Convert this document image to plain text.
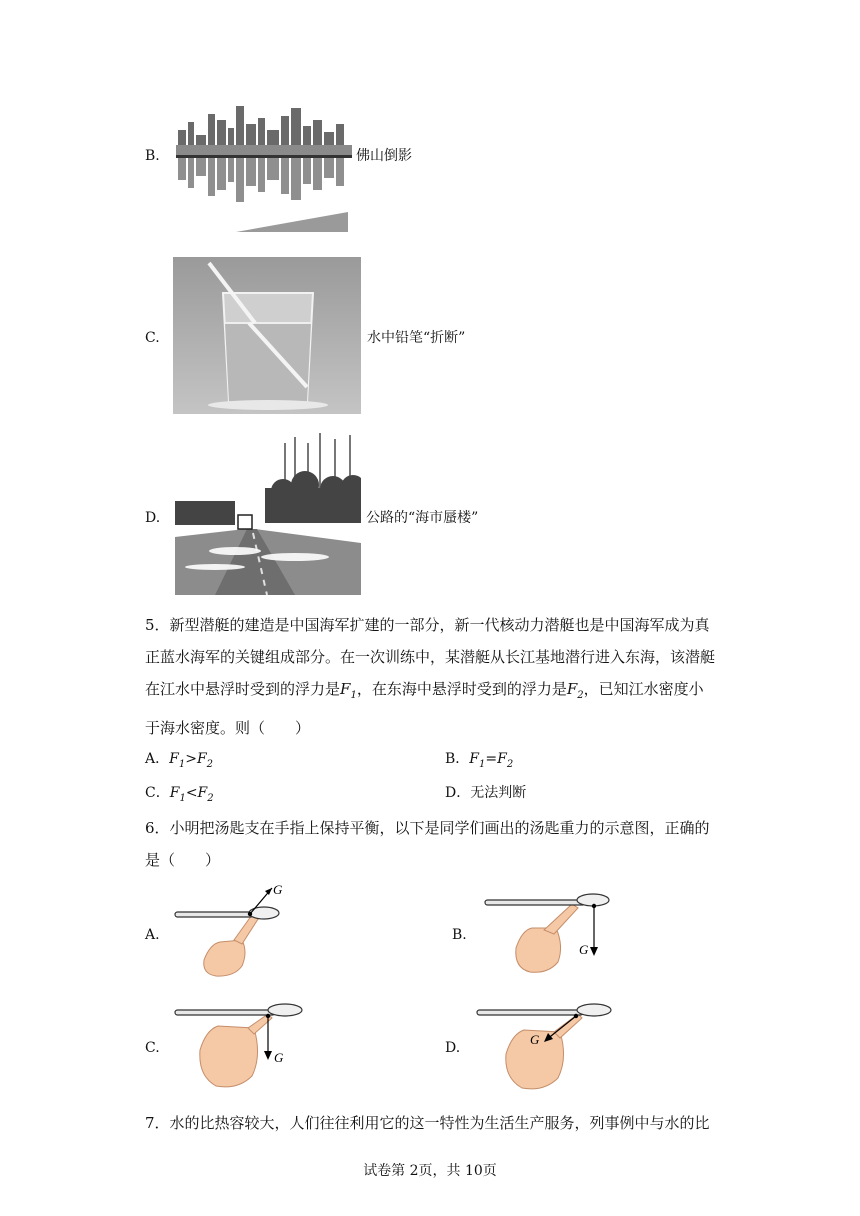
B.	佛山倒影
C.	水中铅笔“折断”
D.	公路的“海市蜃楼”
5．新型潜艇的建造是中国海军扩建的一部分，新一代核动力潜艇也是中国海军成为真
正蓝水海军的关键组成部分。在一次训练中，某潜艇从长江基地潜行进入东海，该潜艇
在江水中悬浮时受到的浮力是$F_1$，在东海中悬浮时受到的浮力是$F_2$，已知江水密度小
于海水密度。则（　　）
A．$F_1>F_2$	B．$F_1=F_2$
C．$F_1<F_2$	D．无法判断
6．小明把汤匙支在手指上保持平衡，以下是同学们画出的汤匙重力的示意图，正确的
是（　　）
A.
G
B.
G
C.
G
D.
G
7．水的比热容较大，人们往往利用它的这一特性为生活生产服务，列事例中与水的比
试卷第 2页，共 10页
